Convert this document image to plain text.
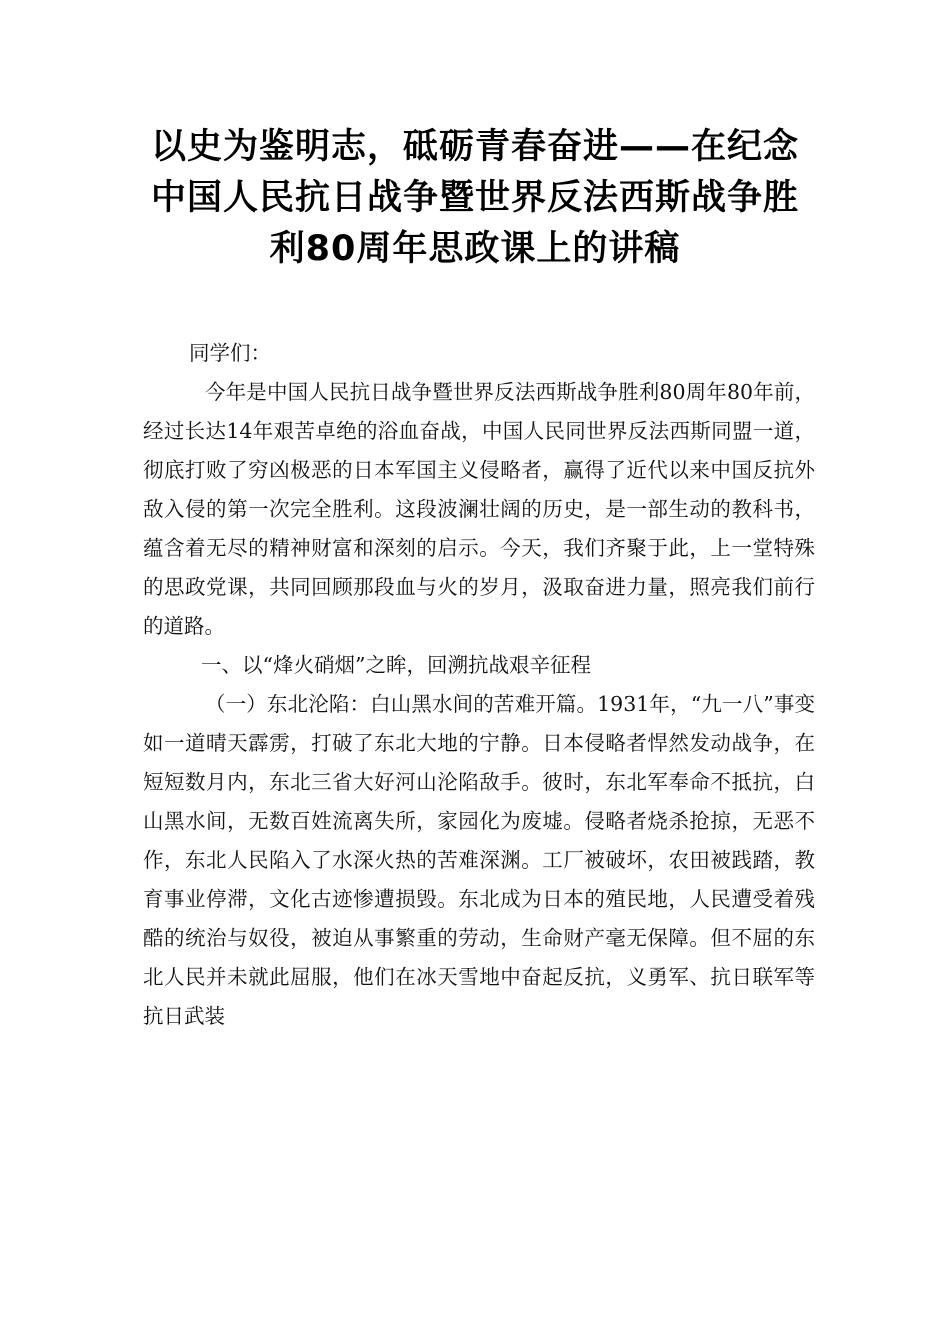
以史为鉴明志，砥砺青春奋进——在纪念
中国人民抗日战争暨世界反法西斯战争胜
利80周年思政课上的讲稿

同学们：

今年是中国人民抗日战争暨世界反法西斯战争胜利80周年80年前，经过长达14年艰苦卓绝的浴血奋战，中国人民同世界反法西斯同盟一道，彻底打败了穷凶极恶的日本军国主义侵略者，赢得了近代以来中国反抗外敌入侵的第一次完全胜利。这段波澜壮阔的历史，是一部生动的教科书，蕴含着无尽的精神财富和深刻的启示。今天，我们齐聚于此，上一堂特殊的思政党课，共同回顾那段血与火的岁月，汲取奋进力量，照亮我们前行的道路。

一、以“烽火硝烟”之眸，回溯抗战艰辛征程

（一）东北沦陷：白山黑水间的苦难开篇。1931年，“九一八”事变如一道晴天霹雳，打破了东北大地的宁静。日本侵略者悍然发动战争，在短短数月内，东北三省大好河山沦陷敌手。彼时，东北军奉命不抵抗，白山黑水间，无数百姓流离失所，家园化为废墟。侵略者烧杀抢掠，无恶不作，东北人民陷入了水深火热的苦难深渊。工厂被破坏，农田被践踏，教育事业停滞，文化古迹惨遭损毁。东北成为日本的殖民地，人民遭受着残酷的统治与奴役，被迫从事繁重的劳动，生命财产毫无保障。但不屈的东北人民并未就此屈服，他们在冰天雪地中奋起反抗，义勇军、抗日联军等抗日武装
